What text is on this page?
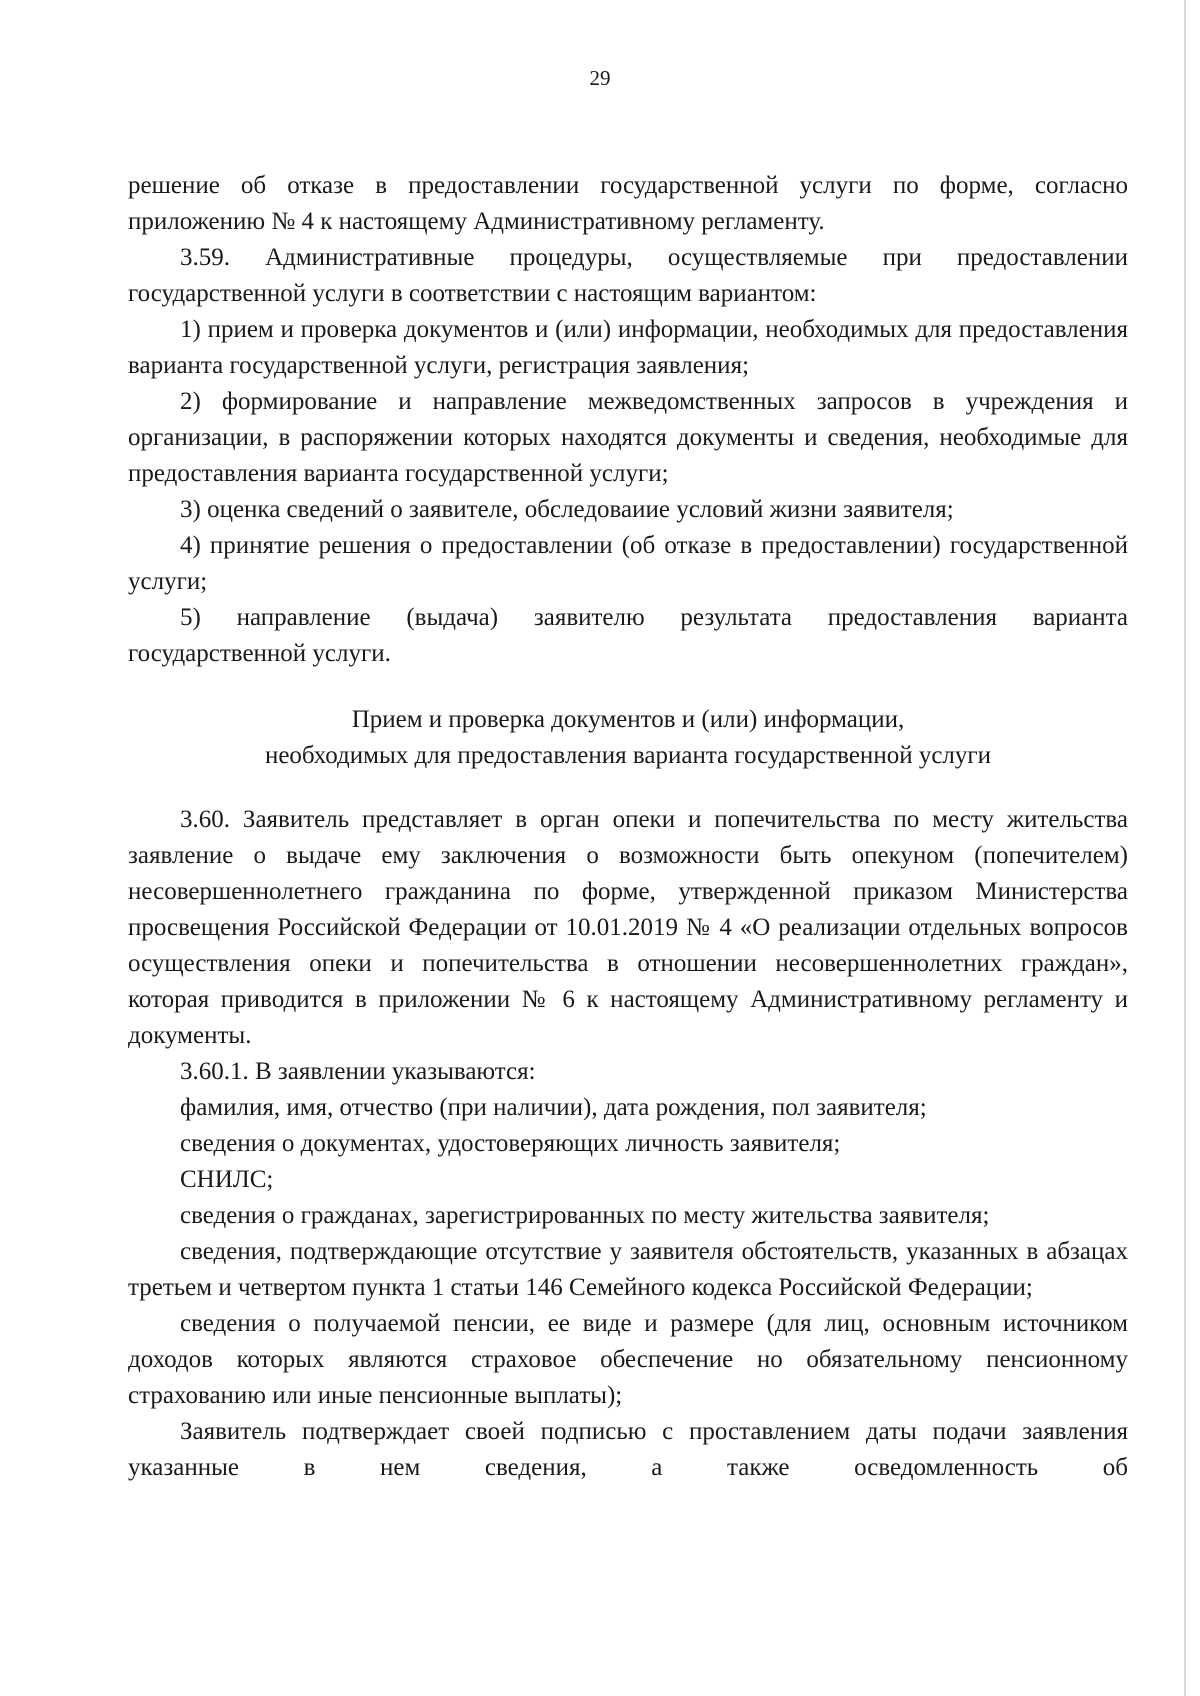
29

решение об отказе в предоставлении государственной услуги по форме, согласно приложению № 4 к настоящему Административному регламенту.

3.59. Административные процедуры, осуществляемые при предоставлении государственной услуги в соответствии с настоящим вариантом:

1) прием и проверка документов и (или) информации, необходимых для предоставления варианта государственной услуги, регистрация заявления;

2) формирование и направление межведомственных запросов в учреждения и организации, в распоряжении которых находятся документы и сведения, необходимые для предоставления варианта государственной услуги;

3) оценка сведений о заявителе, обследоваиие условий жизни заявителя;

4) принятие решения о предоставлении (об отказе в предоставлении) государственной услуги;

5) направление (выдача) заявителю результата предоставления варианта государственной услуги.

Прием и проверка документов и (или) информации,
необходимых для предоставления варианта государственной услуги

3.60. Заявитель представляет в орган опеки и попечительства по месту жительства заявление о выдаче ему заключения о возможности быть опекуном (попечителем) несовершеннолетнего гражданина по форме, утвержденной приказом Министерства просвещения Российской Федерации от 10.01.2019 № 4 «О реализации отдельных вопросов осуществления опеки и попечительства в отношении несовершеннолетних граждан», которая приводится в приложении № 6 к настоящему Административному регламенту и документы.

3.60.1. В заявлении указываются:

фамилия, имя, отчество (при наличии), дата рождения, пол заявителя;

сведения о документах, удостоверяющих личность заявителя;

СНИЛС;

сведения о гражданах, зарегистрированных по месту жительства заявителя;

сведения, подтверждающие отсутствие у заявителя обстоятельств, указанных в абзацах третьем и четвертом пункта 1 статьи 146 Семейного кодекса Российской Федерации;

сведения о получаемой пенсии, ее виде и размере (для лиц, основным источником доходов которых являются страховое обеспечение но обязательному пенсионному страхованию или иные пенсионные выплаты);

Заявитель подтверждает своей подписью с проставлением даты подачи заявления указанные в нем сведения, а также осведомленность об
